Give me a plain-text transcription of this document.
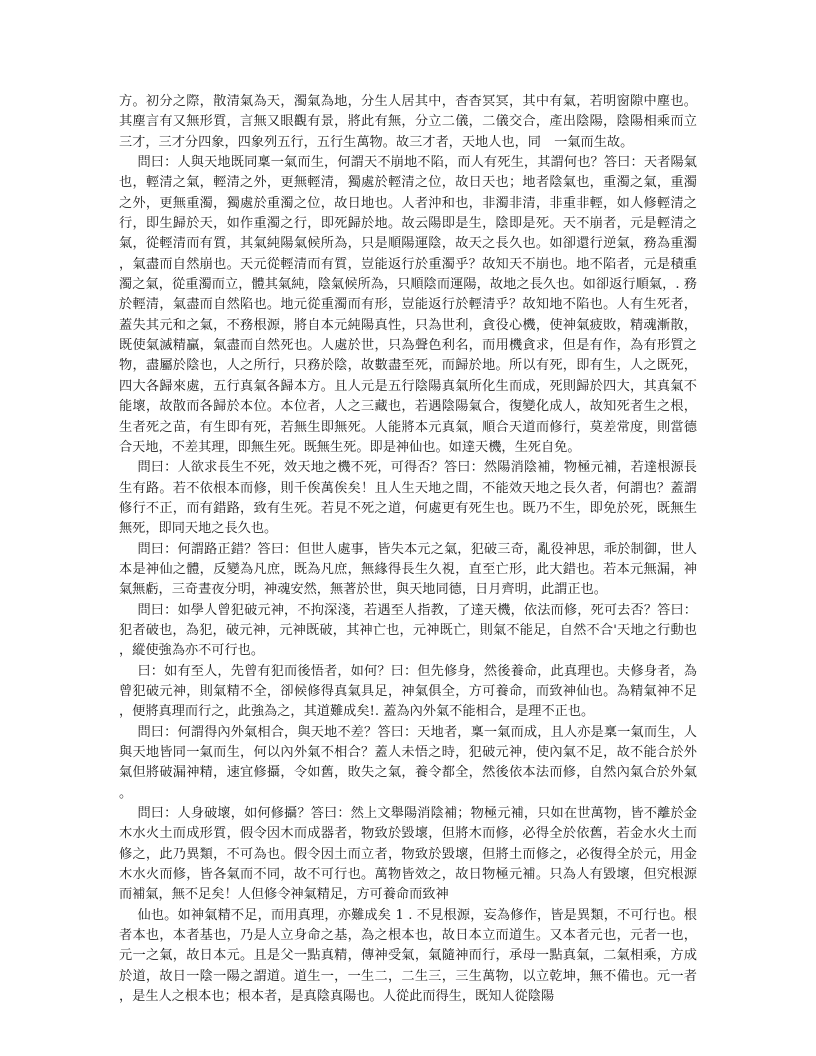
方。初分之際，散清氣為天，濁氣為地，分生人居其中，杳杳冥冥，其中有氣，若明窗隙中塵也。其塵言有又無形質，言無又眼觀有景，將此有無，分立二儀，二儀交合，產出陰陽，陰陽相乘而立三才，三才分四象，四象列五行，五行生萬物。故三才者，天地人也，同　一氣而生故。

問曰：人與天地既同稟一氣而生，何謂天不崩地不陷，而人有死生，其謂何也？答曰：天者陽氣也，輕清之氣，輕清之外，更無輕清，獨處於輕清之位，故日天也；地者陰氣也，重濁之氣，重濁之外，更無重濁，獨處於重濁之位，故日地也。人者沖和也，非濁非清，非重非輕，如人修輕清之行，即生歸於天，如作重濁之行，即死歸於地。故云陽即是生，陰即是死。天不崩者，元是輕清之氣，從輕清而有質，其氣純陽氣候所為，只是順陽運陰，故天之長久也。如卻還行逆氣，務為重濁，氣盡而自然崩也。天元從輕清而有質，豈能返行於重濁乎？故知天不崩也。地不陷者，元是積重濁之氣，從重濁而立，體其氣純，陰氣候所為，只順陰而運陽，故地之長久也。如卻返行順氣，. 務於輕清，氣盡而自然陷也。地元從重濁而有形，豈能返行於輕清乎？故知地不陷也。人有生死者，蓋失其元和之氣，不務根源，將自本元純陽真性，只為世利，貪役心機，使神氣疲敗，精魂漸散，既使氣滅精贏，氣盡而自然死也。人處於世，只為聲色利名，而用機貪求，但是有作，為有形質之物，盡屬於陰也，人之所行，只務於陰，故數盡至死，而歸於地。所以有死，即有生，人之既死，四大各歸來處，五行真氣各歸本方。且人元是五行陰陽真氣所化生而成，死則歸於四大，其真氣不能壞，故散而各歸於本位。本位者，人之三藏也，若遇陰陽氣合，復變化成人，故知死者生之根，生者死之苗，有生即有死，若無生即無死。人能將本元真氣，順合天道而修行，莫差常度，則當德合天地，不差其理，即無生死。既無生死。即是神仙也。如達天機，生死自免。

問曰：人欲求長生不死，效天地之機不死，可得否？答曰：然陽消陰補，物極元補，若達根源長生有路。若不依根本而修，則千俟萬俟矣！且人生天地之間，不能效天地之長久者，何謂也？蓋謂修行不正，而有錯路，致有生死。若見不死之道，何處更有死生也。既乃不生，即免於死，既無生無死，即同天地之長久也。

問曰：何謂路正錯？答曰：但世人處事，皆失本元之氣，犯破三奇，亂役神思，乖於制御，世人本是神仙之體，反變為凡庶，既為凡庶，無緣得長生久視，直至亡形，此大錯也。若本元無漏，神氣無虧，三奇晝夜分明，神魂安然，無著於世，與天地同德，日月齊明，此謂正也。

問曰：如學人曾犯破元神，不拘深淺，若遇至人指教，了達天機，依法而修，死可去否？答曰：犯者破也，為犯，破元神，元神既破，其神亡也，元神既亡，則氣不能足，自然不合'天地之行動也，縱使強為亦不可行也。

曰：如有至人，先曾有犯而後悟者，如何？曰：但先修身，然後養命，此真理也。夫修身者，為曾犯破元神，則氣精不全，卻候修得真氣具足，神氣俱全，方可養命，而致神仙也。為精氣神不足，便將真理而行之，此強為之，其道難成矣!. 蓋為內外氣不能相合，是理不正也。

問曰：何謂得內外氣相合，與天地不差？答曰：天地者，稟一氣而成，且人亦是稟一氣而生，人與天地皆同一氣而生，何以內外氣不相合？蓋人未悟之時，犯破元神，使內氣不足，故不能合於外氣但將破漏神精，速宜修攝，令如舊，敗失之氣，養令都全，然後依本法而修，自然內氣合於外氣。

問曰：人身破壞，如何修攝？答曰：然上文舉陽消陰補；物極元補，只如在世萬物，皆不離於金木水火土而成形質，假令因木而成器者，物致於毀壞，但將木而修，必得全於依舊，若金水火土而修之，此乃異類，不可為也。假令因土而立者，物致於毀壞，但將土而修之，必復得全於元，用金木水火而修，皆各氣而不同，故不可行也。萬物皆效之，故日物極元補。只為人有毀壞，但究根源而補氣，無不足矣！人但修令神氣精足，方可養命而致神

仙也。如神氣精不足，而用真理，亦難成矣 1 . 不見根源，妄為修作，皆是異類，不可行也。根者本也，本者基也，乃是人立身命之基，為之根本也，故日本立而道生。又本者元也，元者一也，元一之氣，故日本元。且是父一點真精，傳神受氣，氣隨神而行，承母一點真氣，二氣相乘，方成於道，故日一陰一陽之謂道。道生一，一生二，二生三，三生萬物，以立乾坤，無不備也。元一者，是生人之根本也；根本者，是真陰真陽也。人從此而得生，既知人從陰陽
